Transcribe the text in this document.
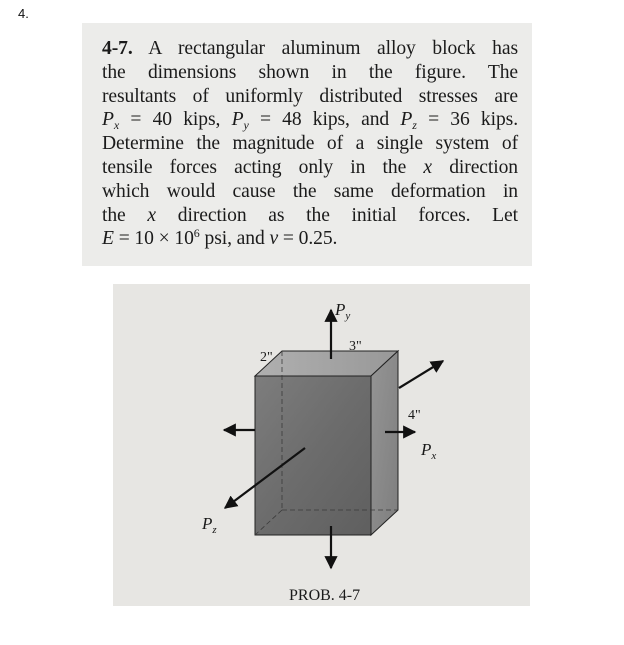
4.
4-7. A rectangular aluminum alloy block has
the dimensions shown in the figure. The
resultants of uniformly distributed stresses are
$P_x = 40$ kips, $P_y = 48$ kips, and $P_z = 36$ kips.
Determine the magnitude of a single system of
tensile forces acting only in the x direction
which would cause the same deformation in
the x direction as the initial forces. Let
$E = 10 \times 10^6$ psi, and ν = 0.25.
$P_y$
3"
2"
4"
$P_x$
$P_z$
PROB. 4-7
